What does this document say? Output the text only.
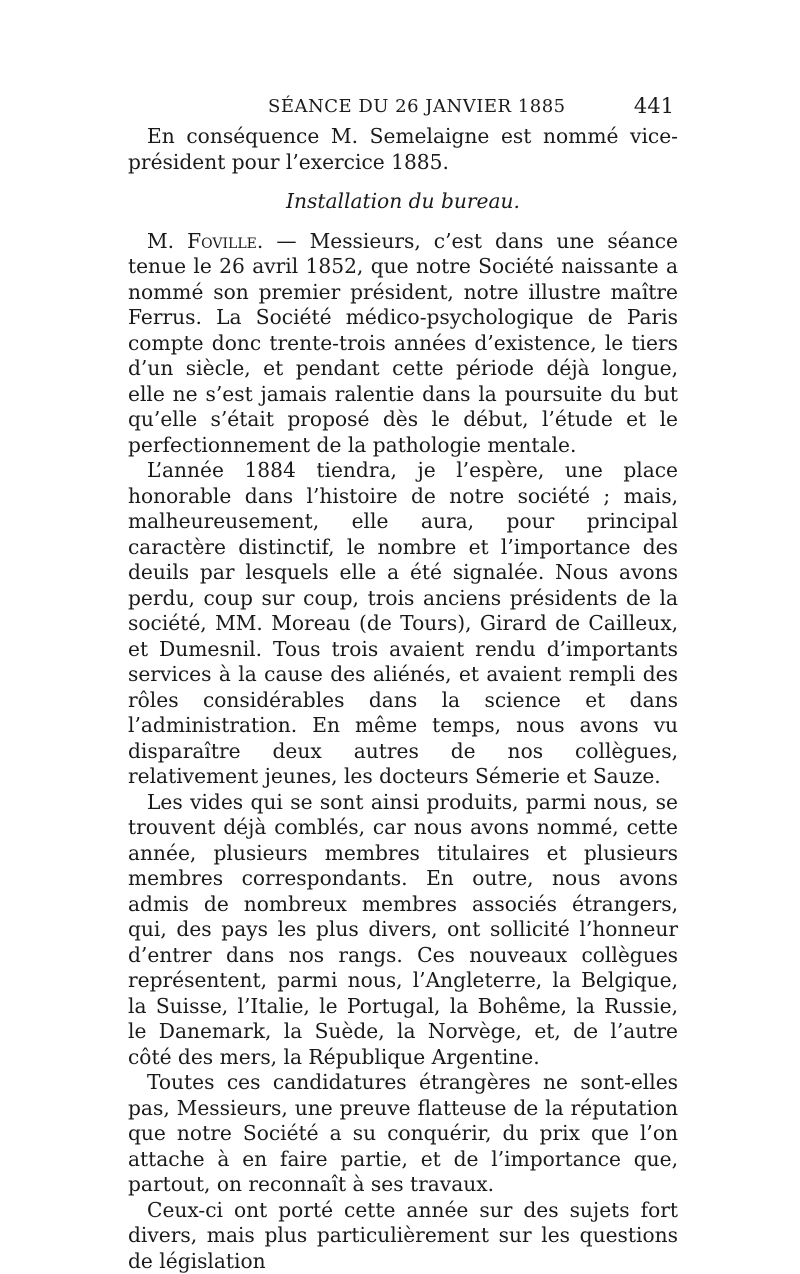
SÉANCE DU 26 JANVIER 1885	441

En conséquence M. Semelaigne est nommé vice-président pour l’exercice 1885.

Installation du bureau.

M. Foville. — Messieurs, c’est dans une séance tenue le 26 avril 1852, que notre Société naissante a nommé son premier président, notre illustre maître Ferrus. La Société médico-psychologique de Paris compte donc trente-trois années d’existence, le tiers d’un siècle, et pendant cette période déjà longue, elle ne s’est jamais ralentie dans la poursuite du but qu’elle s’était proposé dès le début, l’étude et le perfectionnement de la pathologie mentale.

L’année 1884 tiendra, je l’espère, une place honorable dans l’histoire de notre société ; mais, malheureusement, elle aura, pour principal caractère distinctif, le nombre et l’importance des deuils par lesquels elle a été signalée. Nous avons perdu, coup sur coup, trois anciens présidents de la société, MM. Moreau (de Tours), Girard de Cailleux, et Dumesnil. Tous trois avaient rendu d’importants services à la cause des aliénés, et avaient rempli des rôles considérables dans la science et dans l’administration. En même temps, nous avons vu disparaître deux autres de nos collègues, relativement jeunes, les docteurs Sémerie et Sauze.

Les vides qui se sont ainsi produits, parmi nous, se trouvent déjà comblés, car nous avons nommé, cette année, plusieurs membres titulaires et plusieurs membres correspondants. En outre, nous avons admis de nombreux membres associés étrangers, qui, des pays les plus divers, ont sollicité l’honneur d’entrer dans nos rangs. Ces nouveaux collègues représentent, parmi nous, l’Angleterre, la Belgique, la Suisse, l’Italie, le Portugal, la Bohême, la Russie, le Danemark, la Suède, la Norvège, et, de l’autre côté des mers, la République Argentine.

Toutes ces candidatures étrangères ne sont-elles pas, Messieurs, une preuve flatteuse de la réputation que notre Société a su conquérir, du prix que l’on attache à en faire partie, et de l’importance que, partout, on reconnaît à ses travaux.

Ceux-ci ont porté cette année sur des sujets fort divers, mais plus particulièrement sur les questions de législation
